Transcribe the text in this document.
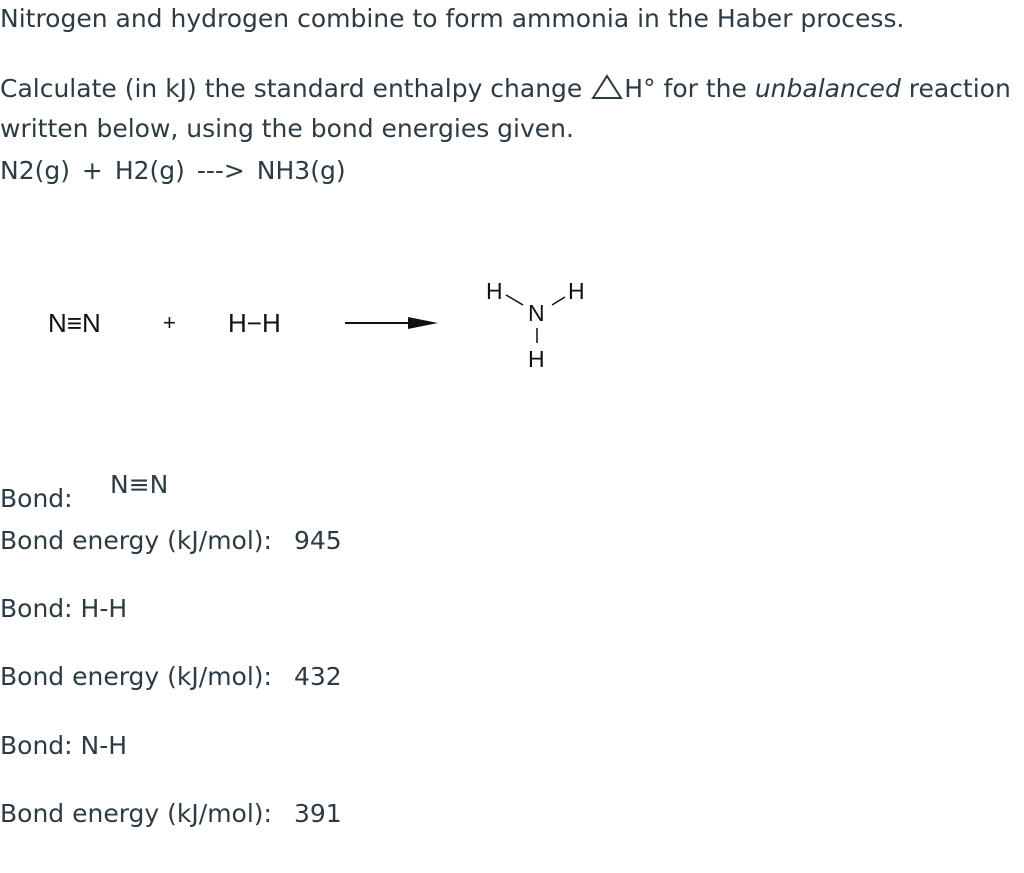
Nitrogen and hydrogen combine to form ammonia in the Haber process.
Calculate (in kJ) the standard enthalpy change H° for the unbalanced reaction
written below, using the bond energies given.
N2(g) + H2(g) ---> NH3(g)
N≡N	+ H−H
H	H
N
H
Bond: N≡N
Bond energy (kJ/mol): 945
Bond: H-H
Bond energy (kJ/mol): 432
Bond: N-H
Bond energy (kJ/mol): 391
